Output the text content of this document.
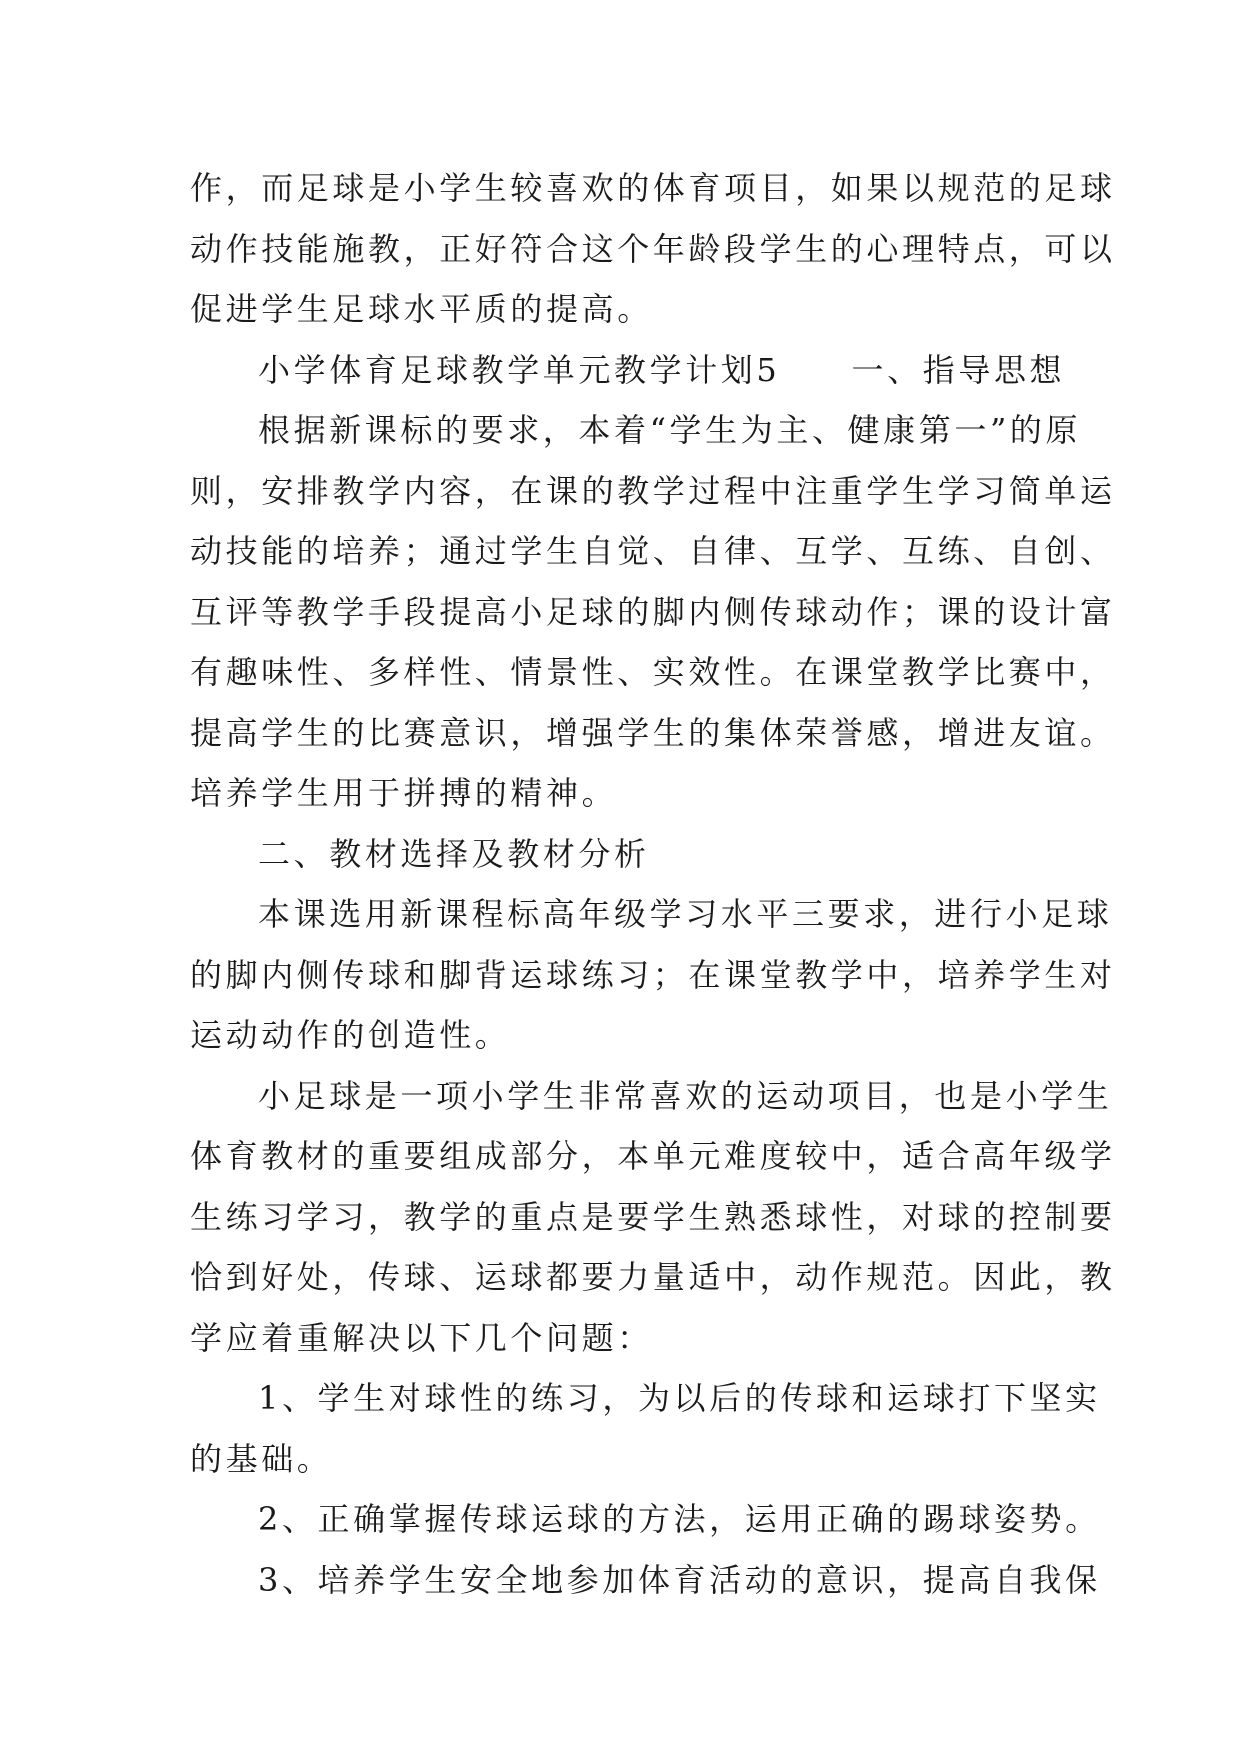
作，而足球是小学生较喜欢的体育项目，如果以规范的足球
动作技能施教，正好符合这个年龄段学生的心理特点，可以
促进学生足球水平质的提高。
小学体育足球教学单元教学计划5　　一、指导思想
根据新课标的要求，本着“学生为主、健康第一”的原
则，安排教学内容，在课的教学过程中注重学生学习简单运
动技能的培养；通过学生自觉、自律、互学、互练、自创、
互评等教学手段提高小足球的脚内侧传球动作；课的设计富
有趣味性、多样性、情景性、实效性。在课堂教学比赛中，
提高学生的比赛意识，增强学生的集体荣誉感，增进友谊。
培养学生用于拼搏的精神。
二、教材选择及教材分析
本课选用新课程标高年级学习水平三要求，进行小足球
的脚内侧传球和脚背运球练习；在课堂教学中，培养学生对
运动动作的创造性。
小足球是一项小学生非常喜欢的运动项目，也是小学生
体育教材的重要组成部分，本单元难度较中，适合高年级学
生练习学习，教学的重点是要学生熟悉球性，对球的控制要
恰到好处，传球、运球都要力量适中，动作规范。因此，教
学应着重解决以下几个问题：
1、学生对球性的练习，为以后的传球和运球打下坚实
的基础。
2、正确掌握传球运球的方法，运用正确的踢球姿势。
3、培养学生安全地参加体育活动的意识，提高自我保
